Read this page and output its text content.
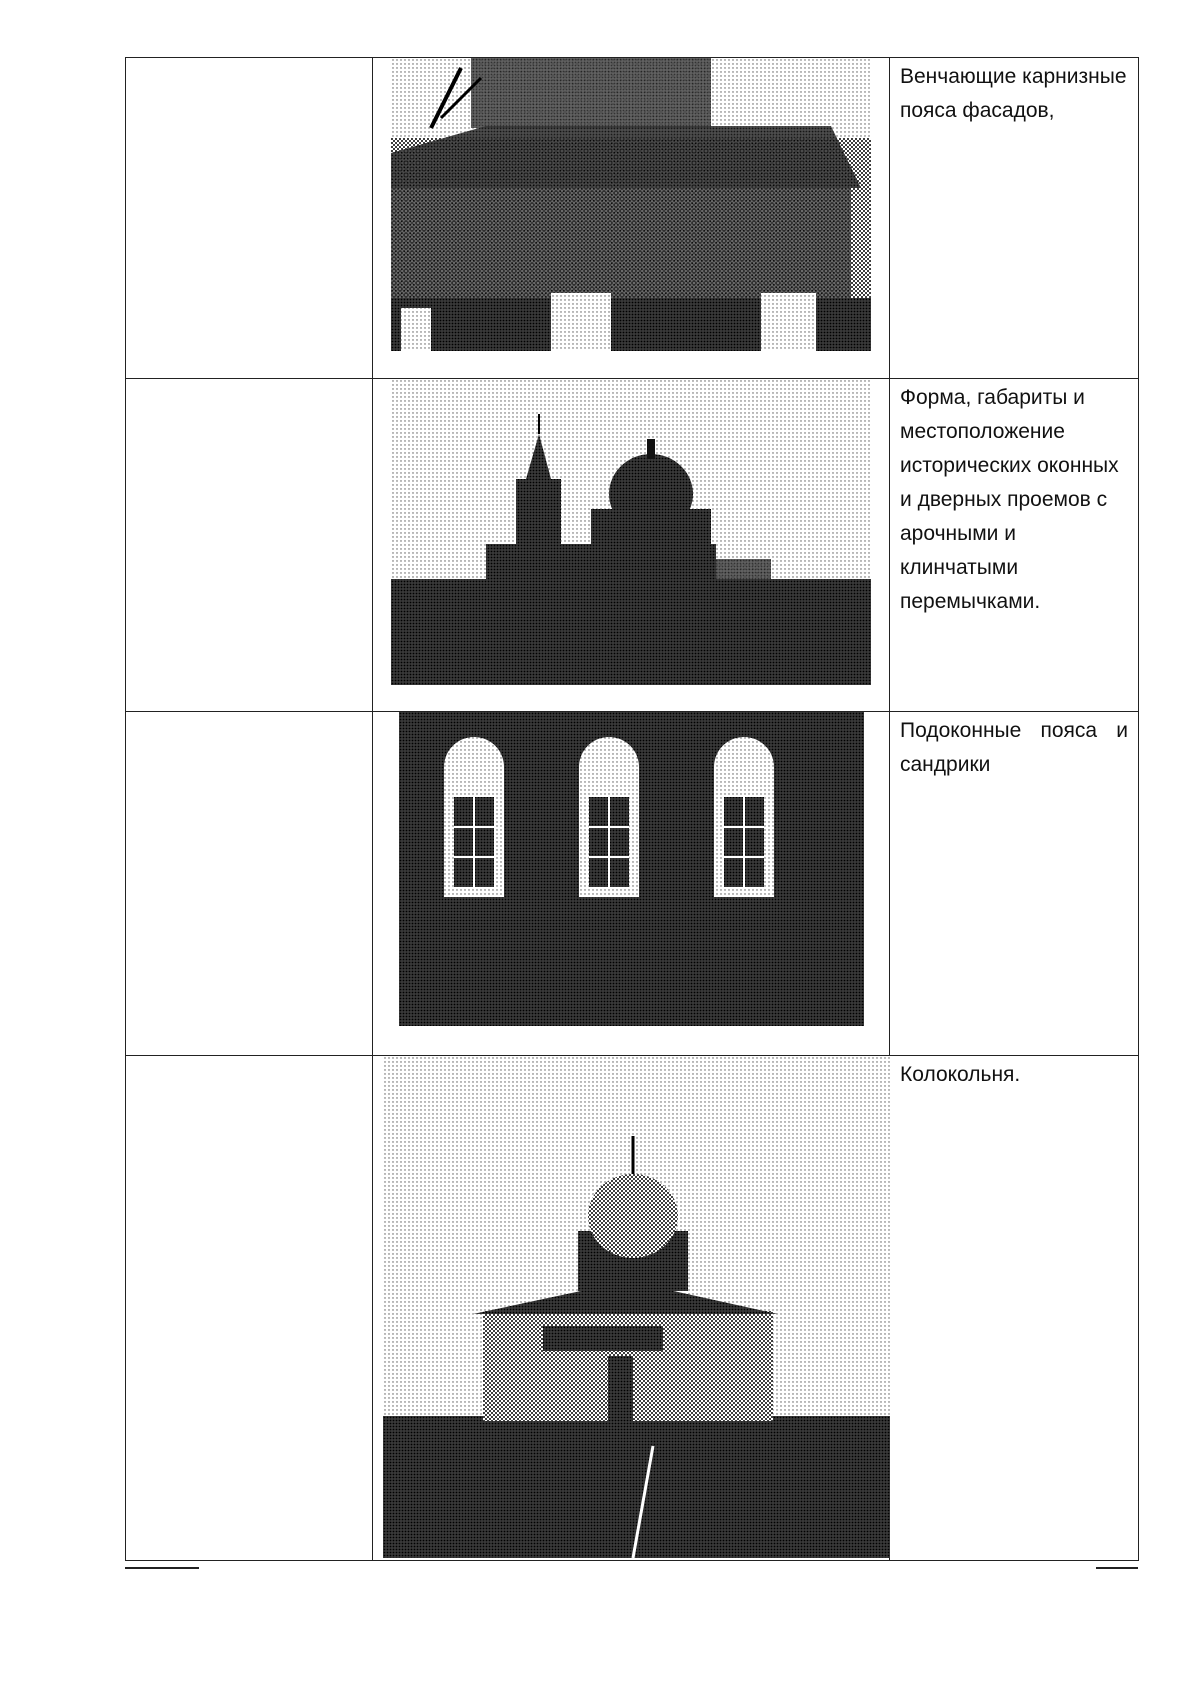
Венчающие карнизные пояса фасадов,

Форма, габариты и местоположение исторических оконных и дверных проемов с арочными и клинчатыми перемычками.

Подоконные пояса и сандрики

Колокольня.
